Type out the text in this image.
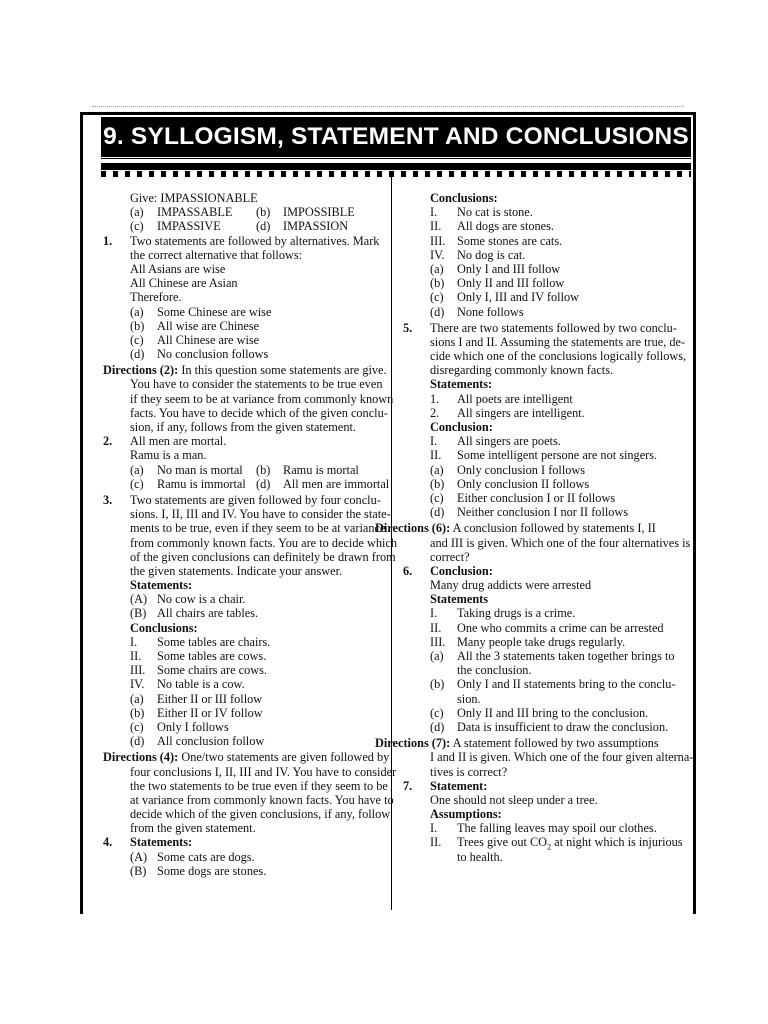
9. SYLLOGISM, STATEMENT AND CONCLUSIONS
Give: IMPASSIONABLE
(a) IMPASSABLE (b) IMPOSSIBLE
(c) IMPASSIVE	(d) IMPASSION
1. Two statements are followed by alternatives. Mark
the correct alternative that follows:
All Asians are wise
All Chinese are Asian
Therefore.
(a) Some Chinese are wise
(b) All wise are Chinese
(c) All Chinese are wise
(d) No conclusion follows
Directions (2): In this question some statements are give.
You have to consider the statements to be true even
if they seem to be at variance from commonly known
facts. You have to decide which of the given conclu-
sion, if any, follows from the given statement.
2. All men are mortal.
Ramu is a man.
(a) No man is mortal (b) Ramu is mortal
(c) Ramu is immortal (d) All men are immortal
3. Two statements are given followed by four conclu-
sions. I, II, III and IV. You have to consider the state-
ments to be true, even if they seem to be at variance
from commonly known facts. You are to decide which
of the given conclusions can definitely be drawn from
the given statements. Indicate your answer.
Statements:
(A) No cow is a chair.
(B) All chairs are tables.
Conclusions:
I. Some tables are chairs.
II. Some tables are cows.
III. Some chairs are cows.
IV. No table is a cow.
(a) Either II or III follow
(b) Either II or IV follow
(c) Only I follows
(d) All conclusion follow
Directions (4): One/two statements are given followed by
four conclusions I, II, III and IV. You have to consider
the two statements to be true even if they seem to be
at variance from commonly known facts. You have to
decide which of the given conclusions, if any, follow
from the given statement.
4. Statements:
(A) Some cats are dogs.
(B) Some dogs are stones.
Conclusions:
I. No cat is stone.
II. All dogs are stones.
III. Some stones are cats.
IV. No dog is cat.
(a) Only I and III follow
(b) Only II and III follow
(c) Only I, III and IV follow
(d) None follows
5. There are two statements followed by two conclu-
sions I and II. Assuming the statements are true, de-
cide which one of the conclusions logically follows,
disregarding commonly known facts.
Statements:
1. All poets are intelligent
2. All singers are intelligent.
Conclusion:
I. All singers are poets.
II. Some intelligent persone are not singers.
(a) Only conclusion I follows
(b) Only conclusion II follows
(c) Either conclusion I or II follows
(d) Neither conclusion I nor II follows
Directions (6): A conclusion followed by statements I, II
and III is given. Which one of the four alternatives is
correct?
6. Conclusion:
Many drug addicts were arrested
Statements
I. Taking drugs is a crime.
II. One who commits a crime can be arrested
III. Many people take drugs regularly.
(a) All the 3 statements taken together brings to
the conclusion.
(b) Only I and II statements bring to the conclu-
sion.
(c) Only II and III bring to the conclusion.
(d) Data is insufficient to draw the conclusion.
Directions (7): A statement followed by two assumptions
I and II is given. Which one of the four given alterna-
tives is correct?
7. Statement:
One should not sleep under a tree.
Assumptions:
I. The falling leaves may spoil our clothes.
II. Trees give out $CO_2$ at night which is injurious
to health.
